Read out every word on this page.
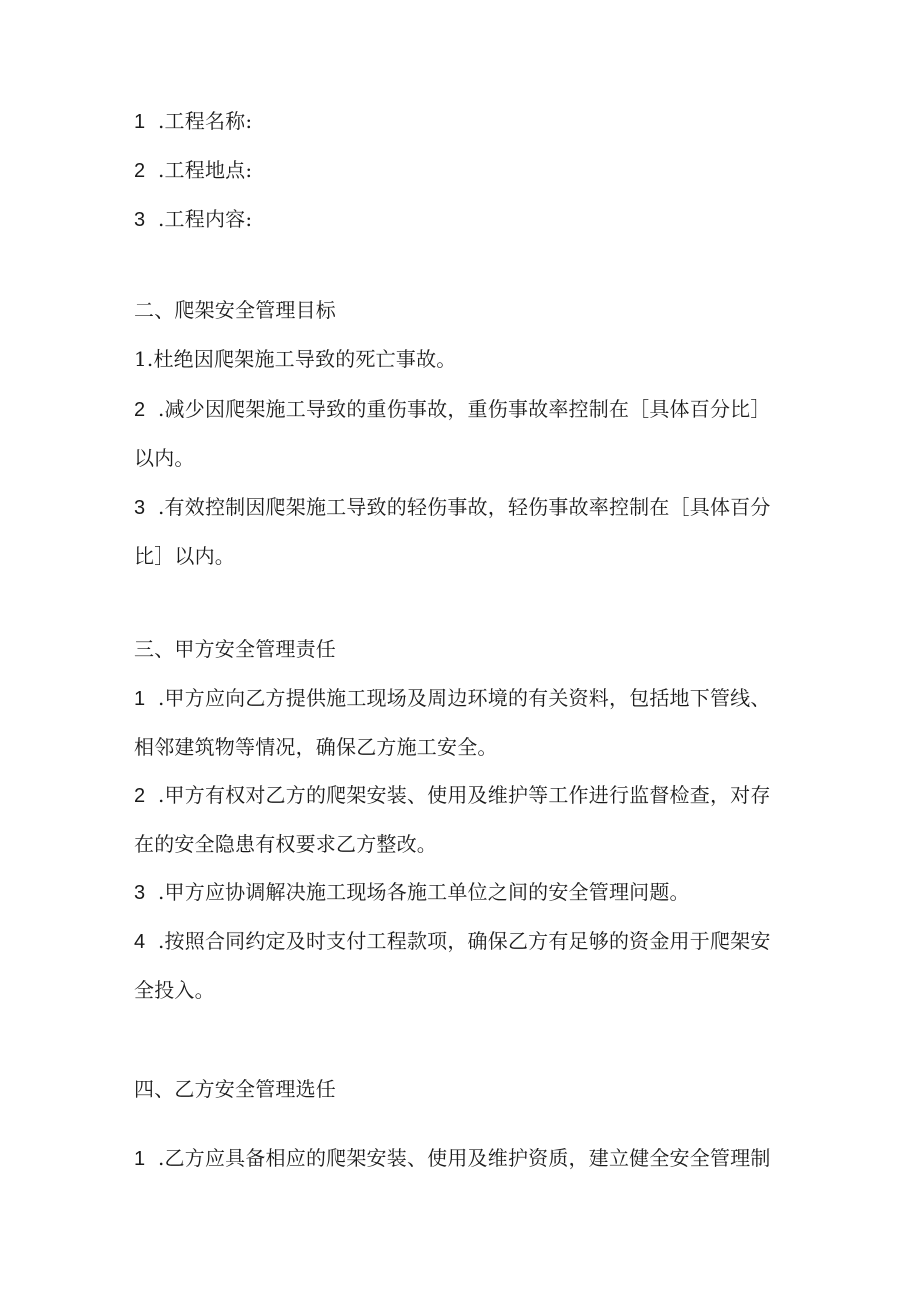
1 .工程名称:
2 .工程地点:
3 .工程内容:
二、爬架安全管理目标
1.杜绝因爬架施工导致的死亡事故。
2 .减少因爬架施工导致的重伤事故，重伤事故率控制在［具体百分比］
以内。
3 .有效控制因爬架施工导致的轻伤事故，轻伤事故率控制在［具体百分
比］以内。
三、甲方安全管理责任
1 .甲方应向乙方提供施工现场及周边环境的有关资料，包括地下管线、
相邻建筑物等情况，确保乙方施工安全。
2 .甲方有权对乙方的爬架安装、使用及维护等工作进行监督检查，对存
在的安全隐患有权要求乙方整改。
3 .甲方应协调解决施工现场各施工单位之间的安全管理问题。
4 .按照合同约定及时支付工程款项，确保乙方有足够的资金用于爬架安
全投入。
四、乙方安全管理选任
1 .乙方应具备相应的爬架安装、使用及维护资质，建立健全安全管理制
